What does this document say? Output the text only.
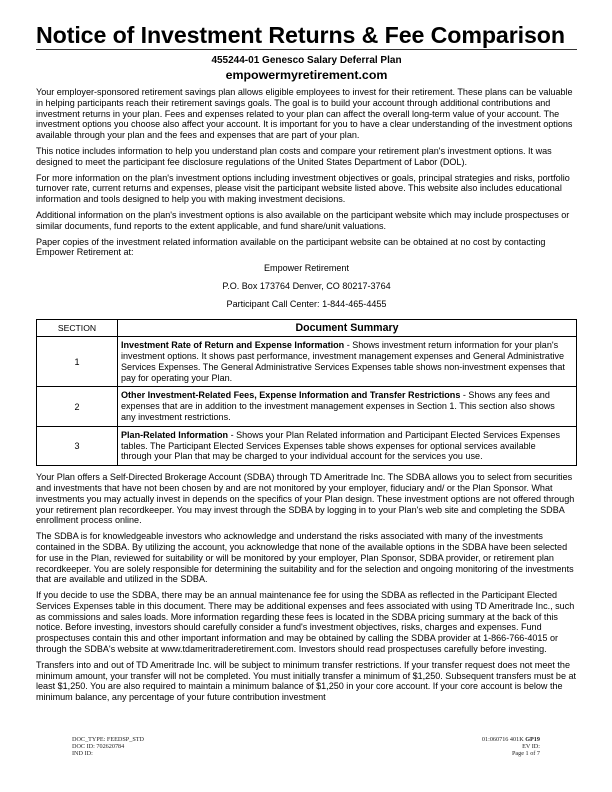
Notice of Investment Returns & Fee Comparison
455244-01 Genesco Salary Deferral Plan
empowermyretirement.com

Your employer-sponsored retirement savings plan allows eligible employees to invest for their retirement. These plans can be valuable in helping participants reach their retirement savings goals. The goal is to build your account through additional contributions and investment returns in your plan. Fees and expenses related to your plan can affect the overall long-term value of your account. The investment options you choose also affect your account. It is important for you to have a clear understanding of the investment options available through your plan and the fees and expenses that are part of your plan.

This notice includes information to help you understand plan costs and compare your retirement plan's investment options. It was designed to meet the participant fee disclosure regulations of the United States Department of Labor (DOL).

For more information on the plan's investment options including investment objectives or goals, principal strategies and risks, portfolio turnover rate, current returns and expenses, please visit the participant website listed above. This website also includes educational information and tools designed to help you with making investment decisions.

Additional information on the plan's investment options is also available on the participant website which may include prospectuses or similar documents, fund reports to the extent applicable, and fund share/unit valuations.

Paper copies of the investment related information available on the participant website can be obtained at no cost by contacting Empower Retirement at:

Empower Retirement
P.O. Box 173764 Denver, CO 80217-3764
Participant Call Center: 1-844-465-4455
SECTION	Document Summary
1	Investment Rate of Return and Expense Information - Shows investment return information for your plan's investment options. It shows past performance, investment management expenses and General Administrative Services Expenses. The General Administrative Services Expenses table shows non-investment expenses that pay for operating your Plan.
2	Other Investment-Related Fees, Expense Information and Transfer Restrictions - Shows any fees and expenses that are in addition to the investment management expenses in Section 1. This section also shows any investment restrictions.
3	Plan-Related Information - Shows your Plan Related information and Participant Elected Services Expenses tables. The Participant Elected Services Expenses table shows expenses for optional services available through your Plan that may be charged to your individual account for the services you use.

Your Plan offers a Self-Directed Brokerage Account (SDBA) through TD Ameritrade Inc. The SDBA allows you to select from securities and investments that have not been chosen by and are not monitored by your employer, fiduciary and/ or the Plan Sponsor. What investments you may actually invest in depends on the specifics of your Plan design. These investment options are not offered through your retirement plan recordkeeper. You may invest through the SDBA by logging in to your Plan's web site and completing the SDBA enrollment process online.

The SDBA is for knowledgeable investors who acknowledge and understand the risks associated with many of the investments contained in the SDBA. By utilizing the account, you acknowledge that none of the available options in the SDBA have been selected for use in the Plan, reviewed for suitability or will be monitored by your employer, Plan Sponsor, SDBA provider, or retirement plan recordkeeper. You are solely responsible for determining the suitability and for the selection and ongoing monitoring of the investments that are available and utilized in the SDBA.

If you decide to use the SDBA, there may be an annual maintenance fee for using the SDBA as reflected in the Participant Elected Services Expenses table in this document. There may be additional expenses and fees associated with using TD Ameritrade Inc., such as commissions and sales loads. More information regarding these fees is located in the SDBA pricing summary at the back of this notice. Before investing, investors should carefully consider a fund's investment objectives, risks, charges and expenses. Fund prospectuses contain this and other important information and may be obtained by calling the SDBA provider at 1-866-766-4015 or through the SDBA's website at www.tdameritraderetirement.com. Investors should read prospectuses carefully before investing.

Transfers into and out of TD Ameritrade Inc. will be subject to minimum transfer restrictions. If your transfer request does not meet the minimum amount, your transfer will not be completed. You must initially transfer a minimum of $1,250. Subsequent transfers must be at least $1,250. You are also required to maintain a minimum balance of $1,250 in your core account. If your core account is below the minimum balance, any percentage of your future contribution investment

DOC_TYPE: FEEDSP_STD
DOC ID: 702620784
IND ID:
01:060716 401K GP19
EV ID:
Page 1 of 7
